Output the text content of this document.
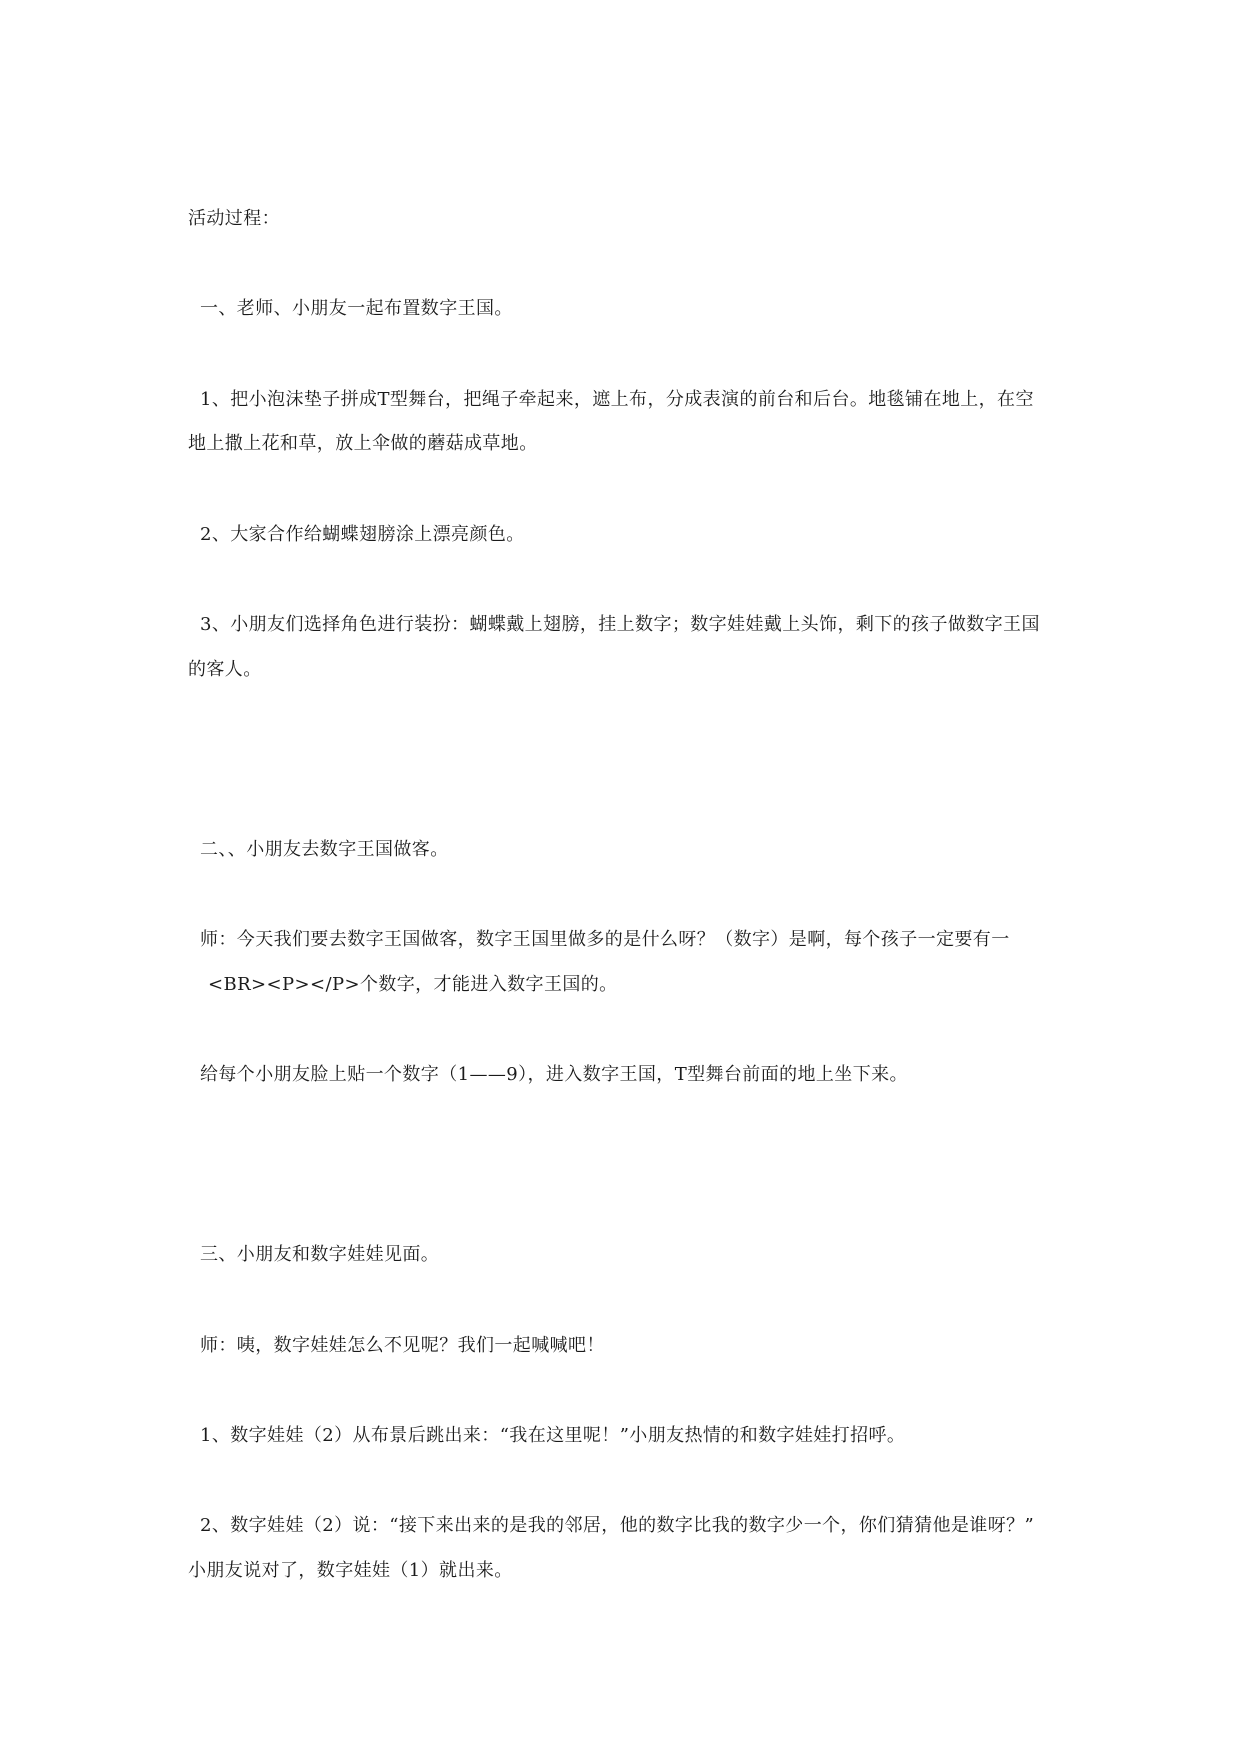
活动过程：
一、老师、小朋友一起布置数字王国。
1、把小泡沫垫子拼成T型舞台，把绳子牵起来，遮上布，分成表演的前台和后台。地毯铺在地上，在空
地上撒上花和草，放上伞做的蘑菇成草地。
2、大家合作给蝴蝶翅膀涂上漂亮颜色。
3、小朋友们选择角色进行装扮：蝴蝶戴上翅膀，挂上数字；数字娃娃戴上头饰，剩下的孩子做数字王国
的客人。
二、、小朋友去数字王国做客。
师：今天我们要去数字王国做客，数字王国里做多的是什么呀？（数字）是啊，每个孩子一定要有一
<BR><P></P>个数字，才能进入数字王国的。
给每个小朋友脸上贴一个数字（1——9），进入数字王国，T型舞台前面的地上坐下来。
三、小朋友和数字娃娃见面。
师：咦，数字娃娃怎么不见呢？我们一起喊喊吧！
1、数字娃娃（2）从布景后跳出来：“我在这里呢！”小朋友热情的和数字娃娃打招呼。
2、数字娃娃（2）说：“接下来出来的是我的邻居，他的数字比我的数字少一个，你们猜猜他是谁呀？”
小朋友说对了，数字娃娃（1）就出来。
